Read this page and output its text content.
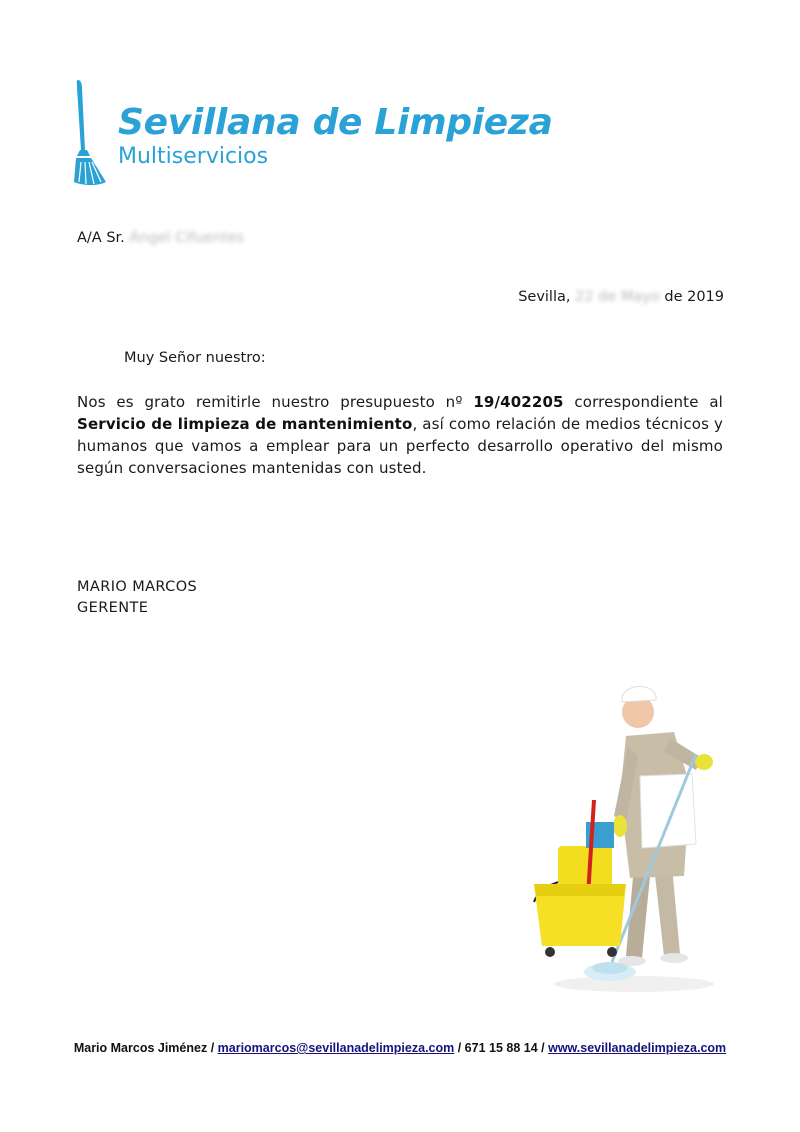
Sevillana de Limpieza
Multiservicios
A/A Sr. Ángel Cifuentes
Sevilla, 22 de Mayo de 2019
Muy Señor nuestro:
Nos es grato remitirle nuestro presupuesto nº 19/402205 correspondiente al Servicio de limpieza de mantenimiento, así como relación de medios técnicos y humanos que vamos a emplear para un perfecto desarrollo operativo del mismo según conversaciones mantenidas con usted.
MARIO MARCOS
GERENTE
Mario Marcos Jiménez / mariomarcos@sevillanadelimpieza.com / 671 15 88 14 / www.sevillanadelimpieza.com
